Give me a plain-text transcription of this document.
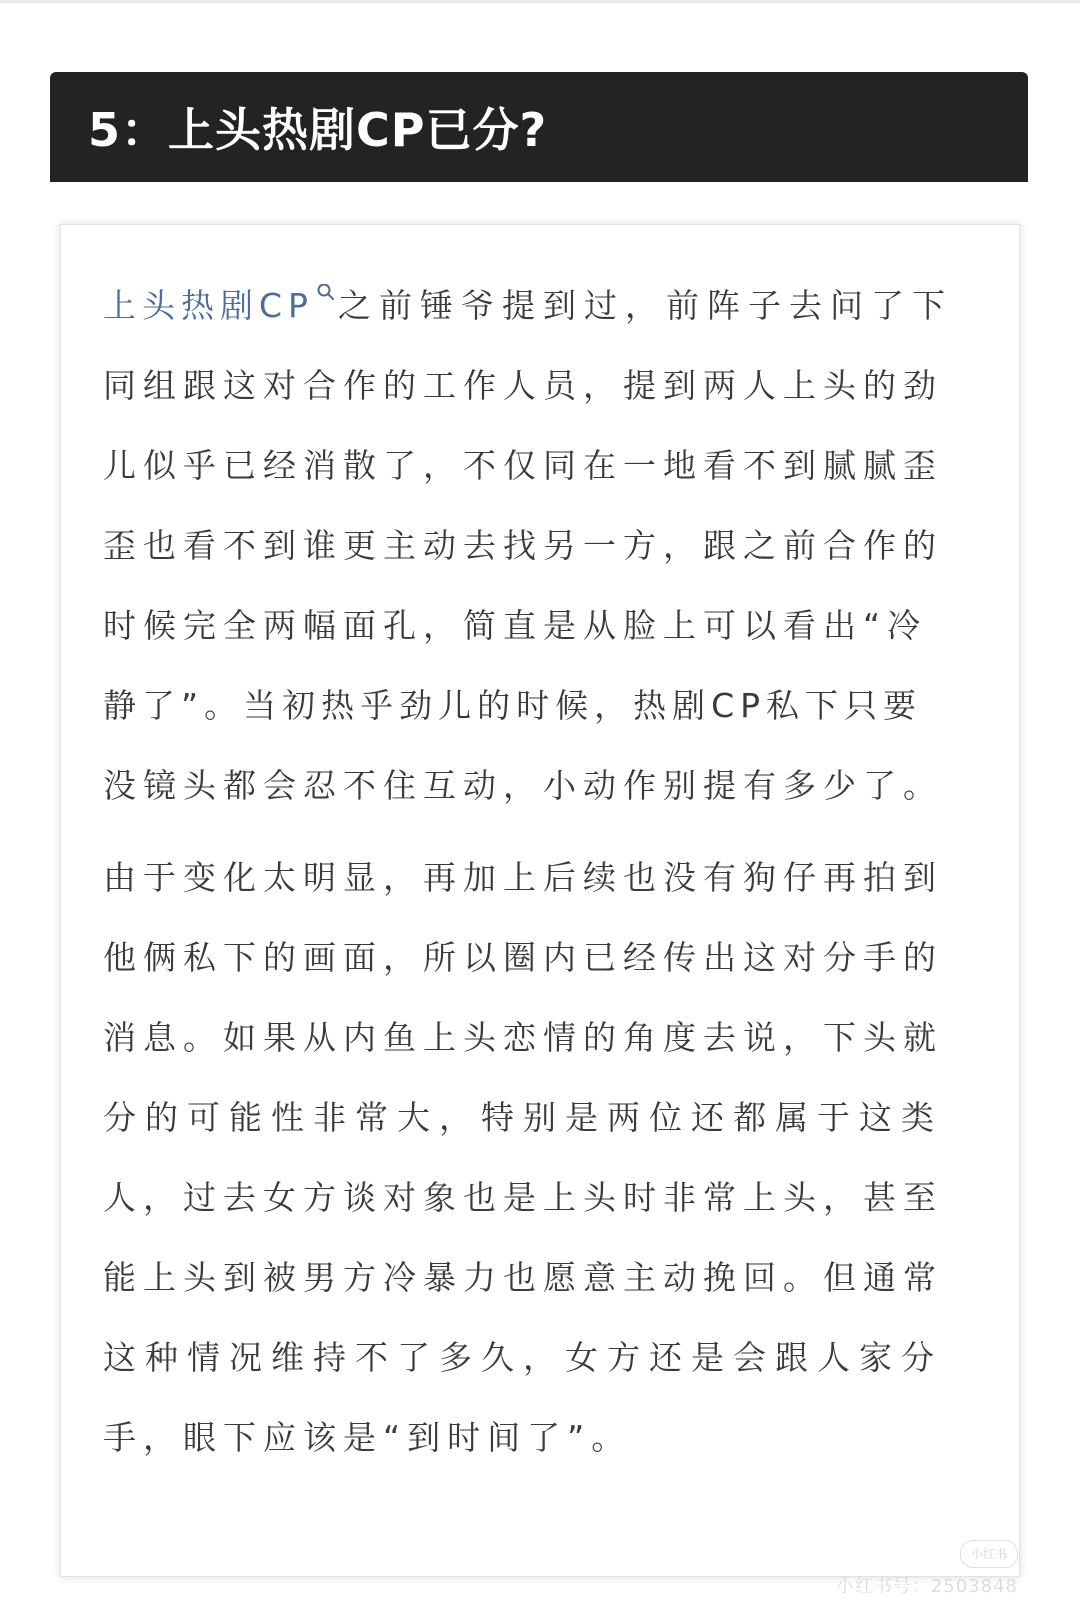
5：上头热剧CP已分?
上头热剧CP 之前锤爷提到过，前阵子去问了下
同组跟这对合作的工作人员，提到两人上头的劲
儿似乎已经消散了，不仅同在一地看不到腻腻歪
歪也看不到谁更主动去找另一方，跟之前合作的
时候完全两幅面孔，简直是从脸上可以看出“冷
静了”。当初热乎劲儿的时候，热剧CP私下只要
没镜头都会忍不住互动，小动作别提有多少了。
由于变化太明显，再加上后续也没有狗仔再拍到
他俩私下的画面，所以圈内已经传出这对分手的
消息。如果从内鱼上头恋情的角度去说，下头就
分的可能性非常大，特别是两位还都属于这类
人，过去女方谈对象也是上头时非常上头，甚至
能上头到被男方冷暴力也愿意主动挽回。但通常
这种情况维持不了多久，女方还是会跟人家分
手，眼下应该是“到时间了”。
小红书
小红书号：2503848
